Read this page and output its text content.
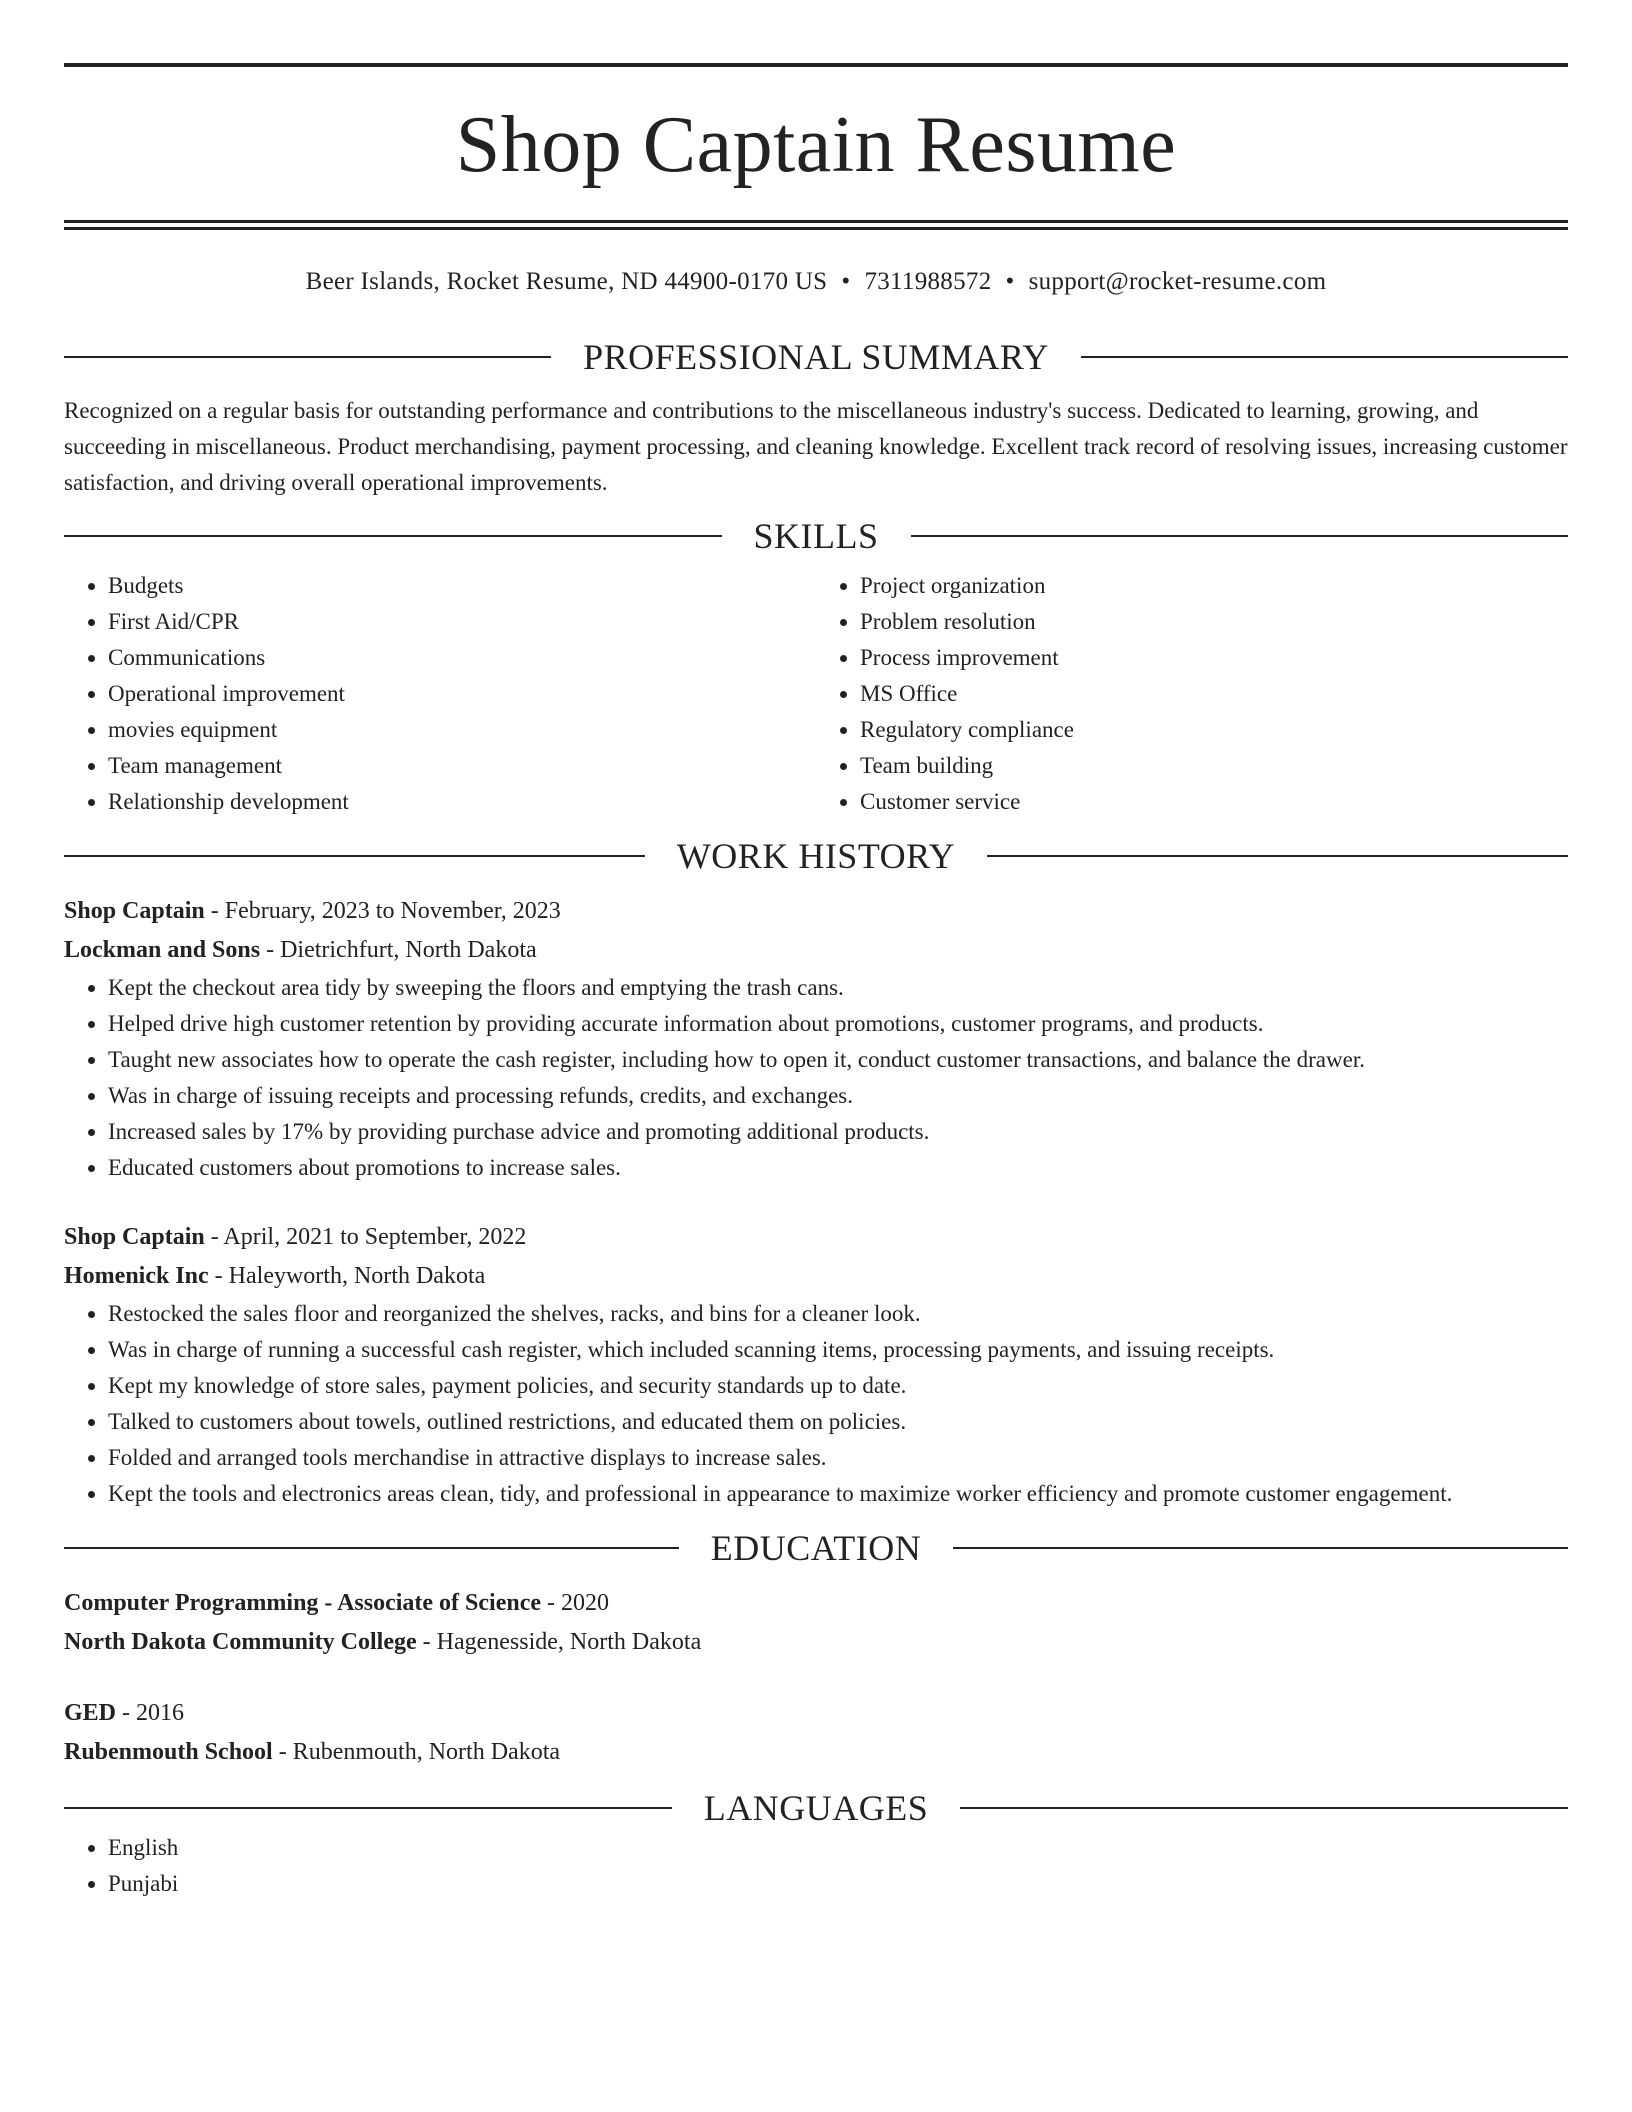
Shop Captain Resume
Beer Islands, Rocket Resume, ND 44900-0170 US • 7311988572 • support@rocket-resume.com
PROFESSIONAL SUMMARY

Recognized on a regular basis for outstanding performance and contributions to the miscellaneous industry's success. Dedicated to learning, growing, and succeeding in miscellaneous. Product merchandising, payment processing, and cleaning knowledge. Excellent track record of resolving issues, increasing customer satisfaction, and driving overall operational improvements.

SKILLS
• Budgets
• First Aid/CPR
• Communications
• Operational improvement
• movies equipment
• Team management
• Relationship development
• Project organization
• Problem resolution
• Process improvement
• MS Office
• Regulatory compliance
• Team building
• Customer service
WORK HISTORY
Shop Captain - February, 2023 to November, 2023
Lockman and Sons - Dietrichfurt, North Dakota
• Kept the checkout area tidy by sweeping the floors and emptying the trash cans.
• Helped drive high customer retention by providing accurate information about promotions, customer programs, and products.
• Taught new associates how to operate the cash register, including how to open it, conduct customer transactions, and balance the drawer.
• Was in charge of issuing receipts and processing refunds, credits, and exchanges.
• Increased sales by 17% by providing purchase advice and promoting additional products.
• Educated customers about promotions to increase sales.
Shop Captain - April, 2021 to September, 2022
Homenick Inc - Haleyworth, North Dakota
• Restocked the sales floor and reorganized the shelves, racks, and bins for a cleaner look.
• Was in charge of running a successful cash register, which included scanning items, processing payments, and issuing receipts.
• Kept my knowledge of store sales, payment policies, and security standards up to date.
• Talked to customers about towels, outlined restrictions, and educated them on policies.
• Folded and arranged tools merchandise in attractive displays to increase sales.
• Kept the tools and electronics areas clean, tidy, and professional in appearance to maximize worker efficiency and promote customer engagement.
EDUCATION
Computer Programming - Associate of Science - 2020
North Dakota Community College - Hagenesside, North Dakota
GED - 2016
Rubenmouth School - Rubenmouth, North Dakota
LANGUAGES
• English
• Punjabi
